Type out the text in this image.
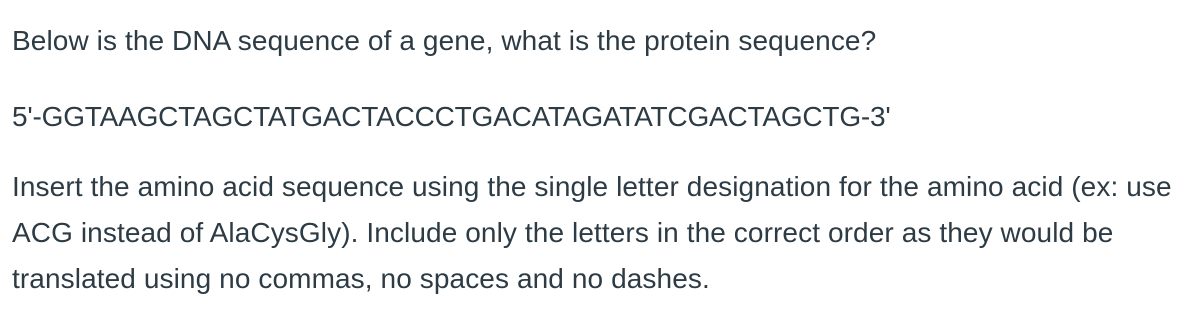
Below is the DNA sequence of a gene, what is the protein sequence?

5'-GGTAAGCTAGCTATGACTACCCTGACATAGATATCGACTAGCTG-3'

Insert the amino acid sequence using the single letter designation for the amino acid (ex: use ACG instead of AlaCysGly). Include only the letters in the correct order as they would be translated using no commas, no spaces and no dashes.
